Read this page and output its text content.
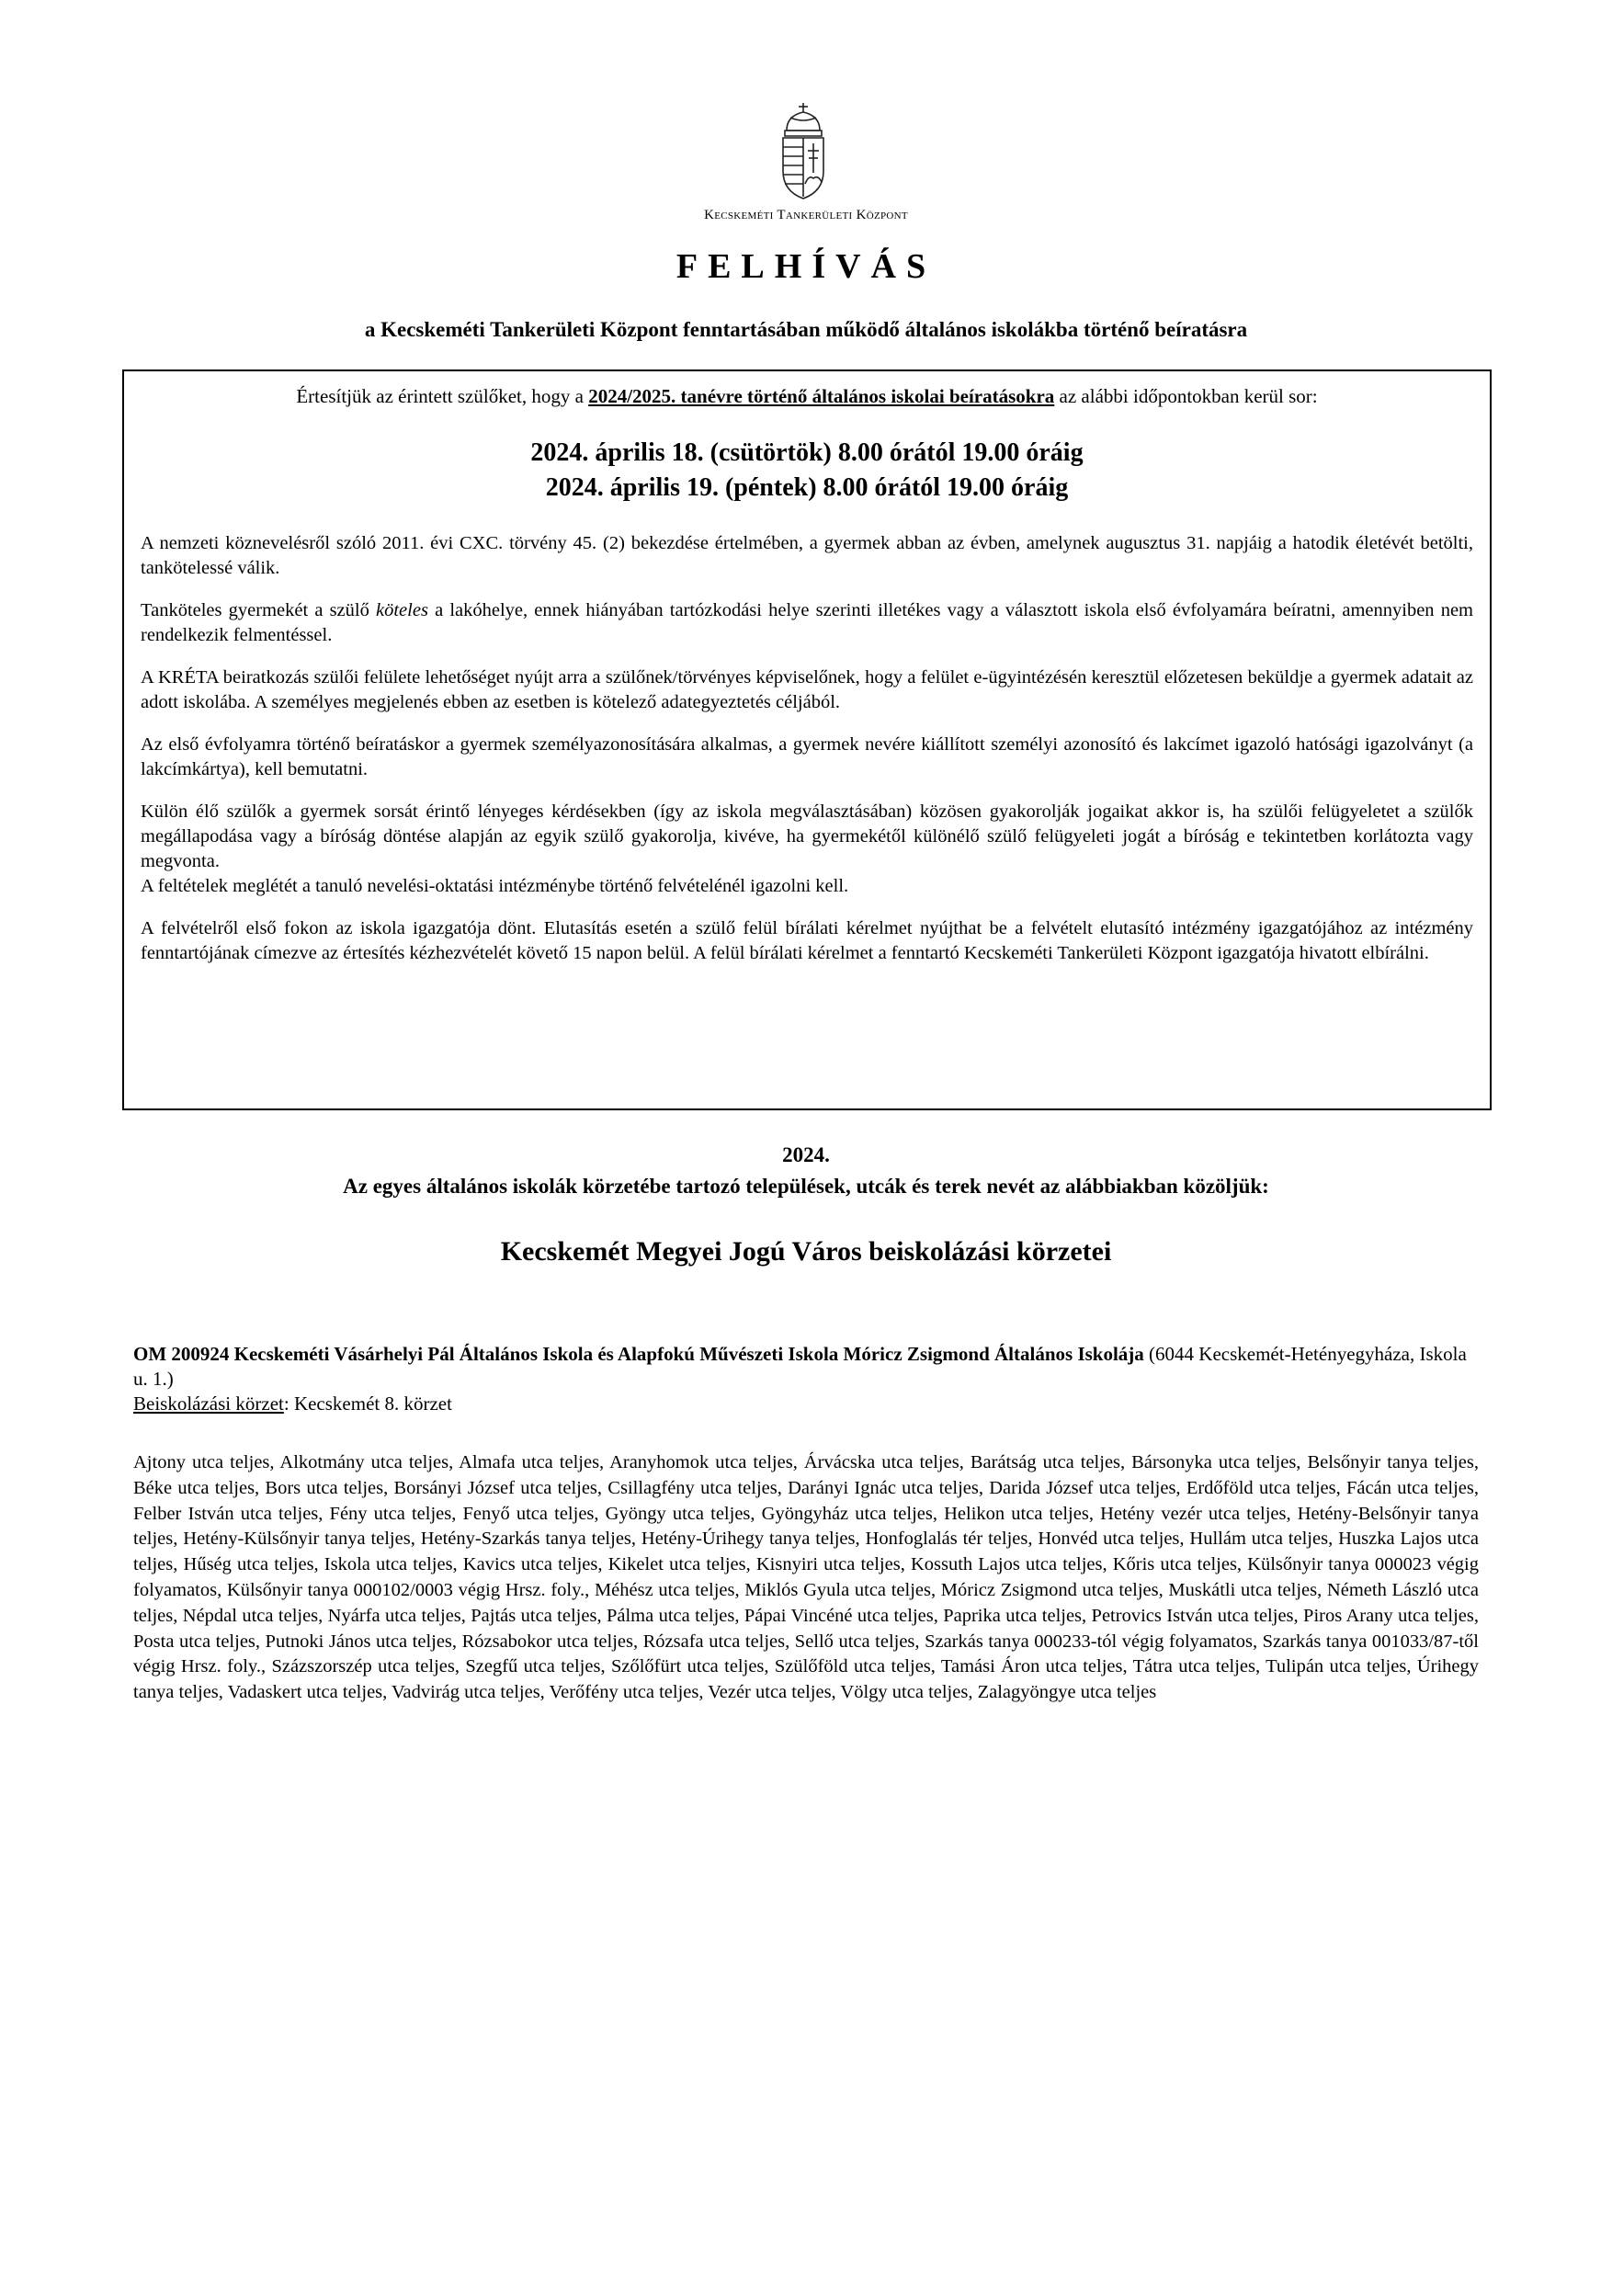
Kecskeméti Tankerületi Központ
FELHÍVÁS
a Kecskeméti Tankerületi Központ fenntartásában működő általános iskolákba történő beíratásra

Értesítjük az érintett szülőket, hogy a 2024/2025. tanévre történő általános iskolai beíratásokra az alábbi időpontokban kerül sor:

2024. április 18. (csütörtök) 8.00 órától 19.00 óráig
2024. április 19. (péntek) 8.00 órától 19.00 óráig

A nemzeti köznevelésről szóló 2011. évi CXC. törvény 45. (2) bekezdése értelmében, a gyermek abban az évben, amelynek augusztus 31. napjáig a hatodik életévét betölti, tankötelessé válik.

Tanköteles gyermekét a szülő köteles a lakóhelye, ennek hiányában tartózkodási helye szerinti illetékes vagy a választott iskola első évfolyamára beíratni, amennyiben nem rendelkezik felmentéssel.

A KRÉTA beiratkozás szülői felülete lehetőséget nyújt arra a szülőnek/törvényes képviselőnek, hogy a felület e-ügyintézésén keresztül előzetesen beküldje a gyermek adatait az adott iskolába. A személyes megjelenés ebben az esetben is kötelező adategyeztetés céljából.

Az első évfolyamra történő beíratáskor a gyermek személyazonosítására alkalmas, a gyermek nevére kiállított személyi azonosító és lakcímet igazoló hatósági igazolványt (a lakcímkártya), kell bemutatni.

Külön élő szülők a gyermek sorsát érintő lényeges kérdésekben (így az iskola megválasztásában) közösen gyakorolják jogaikat akkor is, ha szülői felügyeletet a szülők megállapodása vagy a bíróság döntése alapján az egyik szülő gyakorolja, kivéve, ha gyermekétől különélő szülő felügyeleti jogát a bíróság e tekintetben korlátozta vagy megvonta.

A feltételek meglétét a tanuló nevelési-oktatási intézménybe történő felvételénél igazolni kell.

A felvételről első fokon az iskola igazgatója dönt. Elutasítás esetén a szülő felül bírálati kérelmet nyújthat be a felvételt elutasító intézmény igazgatójához az intézmény fenntartójának címezve az értesítés kézhezvételét követő 15 napon belül. A felül bírálati kérelmet a fenntartó Kecskeméti Tankerületi Központ igazgatója hivatott elbírálni.

2024.
Az egyes általános iskolák körzetébe tartozó települések, utcák és terek nevét az alábbiakban közöljük:
Kecskemét Megyei Jogú Város beiskolázási körzetei
OM 200924 Kecskeméti Vásárhelyi Pál Általános Iskola és Alapfokú Művészeti Iskola Móricz Zsigmond Általános Iskolája (6044 Kecskemét-Hetényegyháza, Iskola u. 1.)
Beiskolázási körzet: Kecskemét 8. körzet

Ajtony utca teljes, Alkotmány utca teljes, Almafa utca teljes, Aranyhomok utca teljes, Árvácska utca teljes, Barátság utca teljes, Bársonyka utca teljes, Belsőnyir tanya teljes, Béke utca teljes, Bors utca teljes, Borsányi József utca teljes, Csillagfény utca teljes, Darányi Ignác utca teljes, Darida József utca teljes, Erdőföld utca teljes, Fácán utca teljes, Felber István utca teljes, Fény utca teljes, Fenyő utca teljes, Gyöngy utca teljes, Gyöngyház utca teljes, Helikon utca teljes, Hetény vezér utca teljes, Hetény-Belsőnyir tanya teljes, Hetény-Külsőnyir tanya teljes, Hetény-Szarkás tanya teljes, Hetény-Úrihegy tanya teljes, Honfoglalás tér teljes, Honvéd utca teljes, Hullám utca teljes, Huszka Lajos utca teljes, Hűség utca teljes, Iskola utca teljes, Kavics utca teljes, Kikelet utca teljes, Kisnyiri utca teljes, Kossuth Lajos utca teljes, Kőris utca teljes, Külsőnyir tanya 000023 végig folyamatos, Külsőnyir tanya 000102/0003 végig Hrsz. foly., Méhész utca teljes, Miklós Gyula utca teljes, Móricz Zsigmond utca teljes, Muskátli utca teljes, Németh László utca teljes, Népdal utca teljes, Nyárfa utca teljes, Pajtás utca teljes, Pálma utca teljes, Pápai Vincéné utca teljes, Paprika utca teljes, Petrovics István utca teljes, Piros Arany utca teljes, Posta utca teljes, Putnoki János utca teljes, Rózsabokor utca teljes, Rózsafa utca teljes, Sellő utca teljes, Szarkás tanya 000233-tól végig folyamatos, Szarkás tanya 001033/87-től végig Hrsz. foly., Százszorszép utca teljes, Szegfű utca teljes, Szőlőfürt utca teljes, Szülőföld utca teljes, Tamási Áron utca teljes, Tátra utca teljes, Tulipán utca teljes, Úrihegy tanya teljes, Vadaskert utca teljes, Vadvirág utca teljes, Verőfény utca teljes, Vezér utca teljes, Völgy utca teljes, Zalagyöngye utca teljes
